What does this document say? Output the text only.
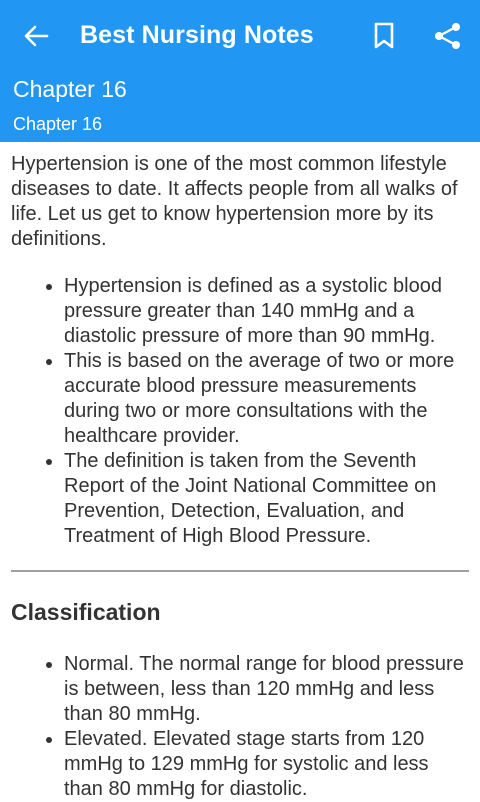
Best Nursing Notes
Chapter 16
Chapter 16

Hypertension is one of the most common lifestyle diseases to date. It affects people from all walks of life. Let us get to know hypertension more by its definitions.

• Hypertension is defined as a systolic blood pressure greater than 140 mmHg and a diastolic pressure of more than 90 mmHg.
• This is based on the average of two or more accurate blood pressure measurements during two or more consultations with the healthcare provider.
• The definition is taken from the Seventh Report of the Joint National Committee on Prevention, Detection, Evaluation, and Treatment of High Blood Pressure.
Classification
• Normal. The normal range for blood pressure is between, less than 120 mmHg and less than 80 mmHg.
• Elevated. Elevated stage starts from 120 mmHg to 129 mmHg for systolic and less than 80 mmHg for diastolic.
